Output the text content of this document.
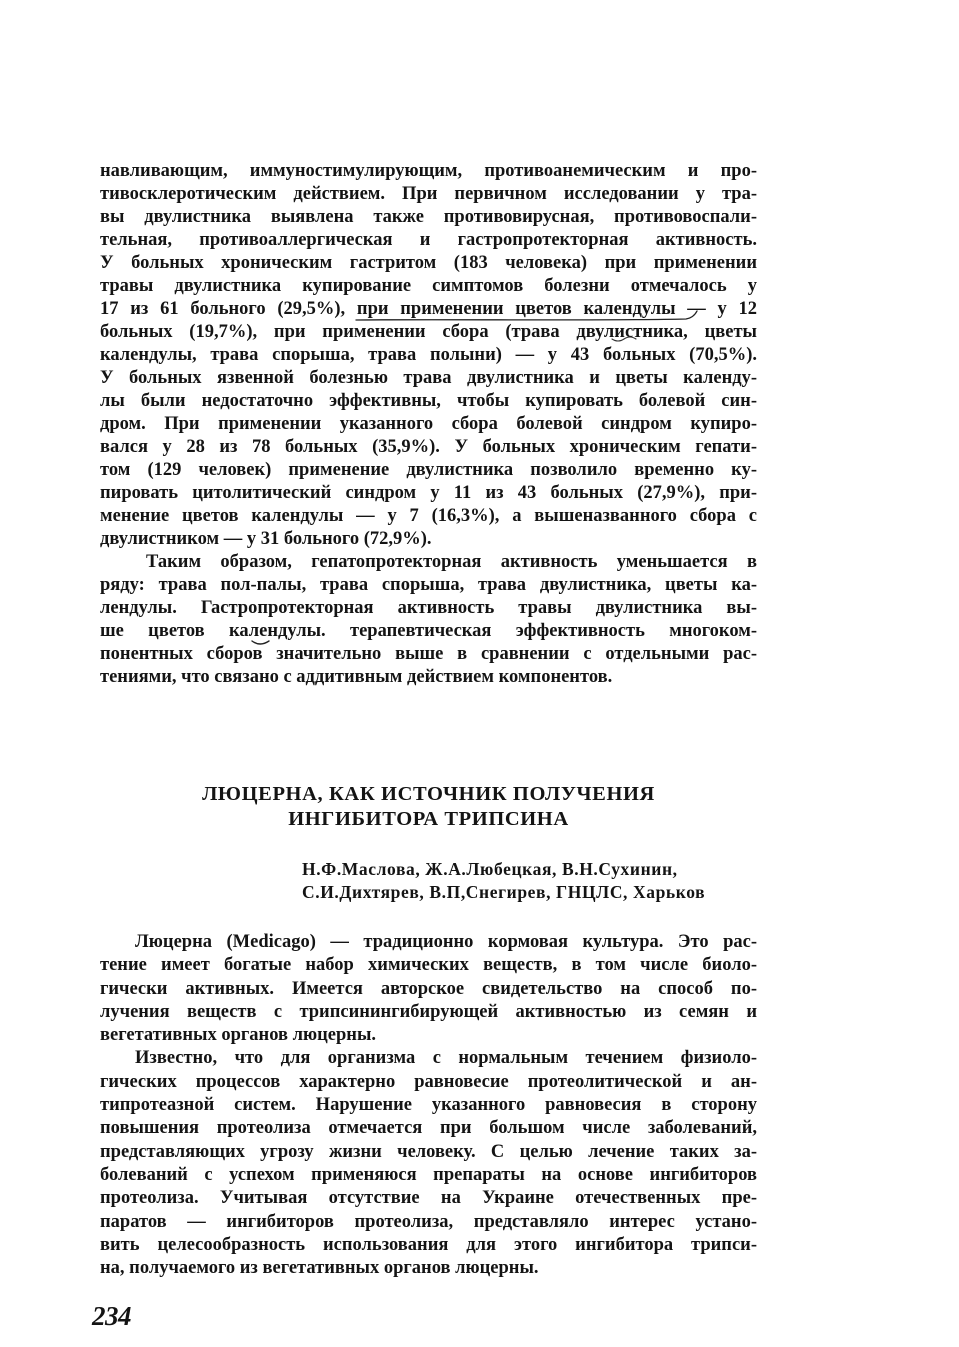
навливающим, иммуностимулирующим, противоанемическим и про-
тивосклеротическим действием. При первичном исследовании у тра-
вы двулистника выявлена также противовирусная, противовоспали-
тельная, противоаллергическая и гастропротекторная активность.
У больных хроническим гастритом (183 человека) при применении
травы двулистника купирование симптомов болезни отмечалось у
17 из 61 больного (29,5%), при применении цветов календулы — у 12
больных (19,7%), при применении сбора (трава двулистника, цветы
календулы, трава спорыша, трава полыни) — у 43 больных (70,5%).
У больных язвенной болезнью трава двулистника и цветы календу-
лы были недостаточно эффективны, чтобы купировать болевой син-
дром. При применении указанного сбора болевой синдром купиро-
вался у 28 из 78 больных (35,9%). У больных хроническим гепати-
том (129 человек) применение двулистника позволило временно ку-
пировать цитолитический синдром у 11 из 43 больных (27,9%), при-
менение цветов календулы — у 7 (16,3%), а вышеназванного сбора с
двулистником — у 31 больного (72,9%).
Таким образом, гепатопротекторная активность уменьшается в
ряду: трава пол-палы, трава спорыша, трава двулистника, цветы ка-
лендулы. Гастропротекторная активность травы двулистника вы-
ше цветов календулы. терапевтическая эффективность многоком-
понентных сборов значительно выше в сравнении с отдельными рас-
тениями, что связано с аддитивным действием компонентов.
ЛЮЦЕРНА, КАК ИСТОЧНИК ПОЛУЧЕНИЯ
ИНГИБИТОРА ТРИПСИНА
Н.Ф.Маслова, Ж.А.Любецкая, В.Н.Сухинин,
С.И.Дихтярев, В.П,Снегирев, ГНЦЛС, Харьков
Люцерна (Medicago) — традиционно кормовая культура. Это рас-
тение имеет богатые набор химических веществ, в том числе биоло-
гически активных. Имеется авторское свидетельство на способ по-
лучения веществ с трипсинингибирующей активностью из семян и
вегетативных органов люцерны.
Известно, что для организма с нормальным течением физиоло-
гических процессов характерно равновесие протеолитической и ан-
типротеазной систем. Нарушение указанного равновесия в сторону
повышения протеолиза отмечается при большом числе заболеваний,
представляющих угрозу жизни человеку. С целью лечение таких за-
болеваний с успехом применяюся препараты на основе ингибиторов
протеолиза. Учитывая отсутствие на Украине отечественных пре-
паратов — ингибиторов протеолиза, представляло интерес устано-
вить целесообразность использования для этого ингибитора трипси-
на, получаемого из вегетативных органов люцерны.
234
